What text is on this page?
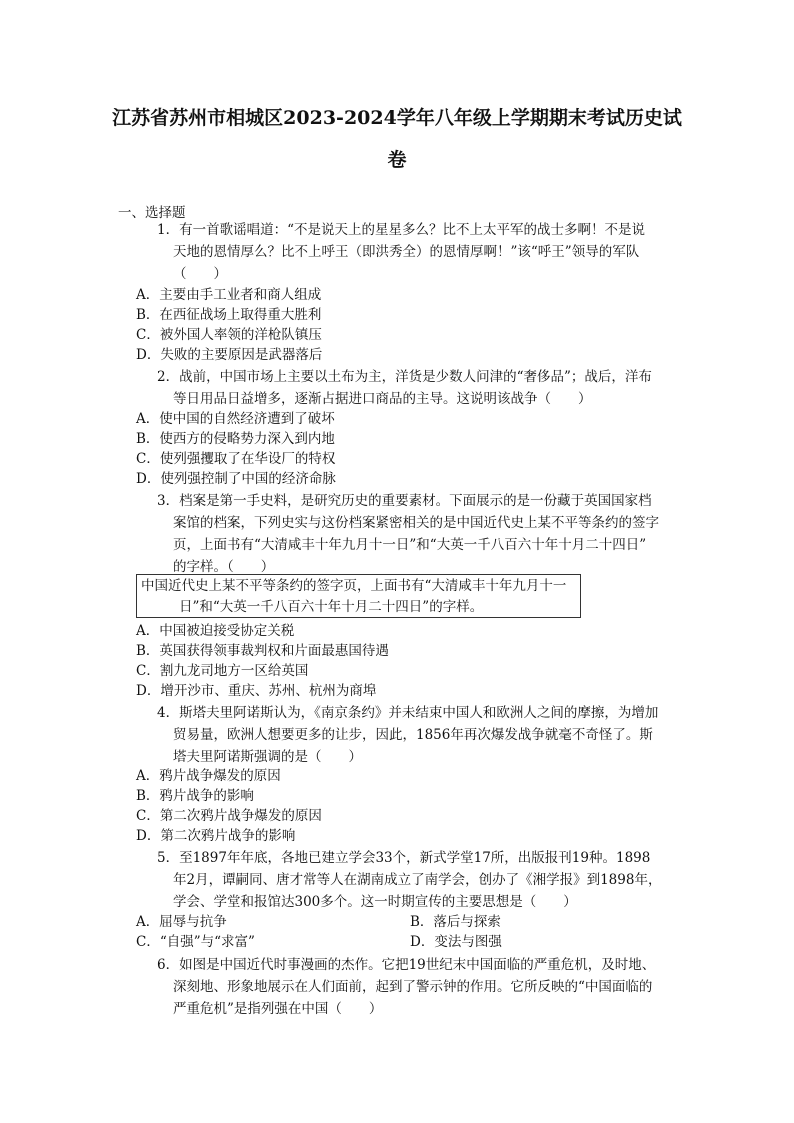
江苏省苏州市相城区2023-2024学年八年级上学期期末考试历史试
卷
一、选择题
1．有一首歌谣唱道：“不是说天上的星星多么？比不上太平军的战士多啊！不是说
天地的恩情厚么？比不上呼王（即洪秀全）的恩情厚啊！”该“呼王”领导的军队
（　　）
A．主要由手工业者和商人组成
B．在西征战场上取得重大胜利
C．被外国人率领的洋枪队镇压
D．失败的主要原因是武器落后
2．战前，中国市场上主要以土布为主，洋货是少数人问津的“奢侈品”；战后，洋布
等日用品日益增多，逐渐占据进口商品的主导。这说明该战争（　　）
A．使中国的自然经济遭到了破坏
B．使西方的侵略势力深入到内地
C．使列强攫取了在华设厂的特权
D．使列强控制了中国的经济命脉
3．档案是第一手史料，是研究历史的重要素材。下面展示的是一份藏于英国国家档
案馆的档案，下列史实与这份档案紧密相关的是中国近代史上某不平等条约的签字
页，上面书有“大清咸丰十年九月十一日”和“大英一千八百六十年十月二十四日”
的字样。（　　）
中国近代史上某不平等条约的签字页，上面书有“大清咸丰十年九月十一
日”和“大英一千八百六十年十月二十四日”的字样。
A．中国被迫接受协定关税
B．英国获得领事裁判权和片面最惠国待遇
C．割九龙司地方一区给英国
D．增开沙市、重庆、苏州、杭州为商埠
4．斯塔夫里阿诺斯认为，《南京条约》并未结束中国人和欧洲人之间的摩擦，为增加
贸易量，欧洲人想要更多的让步，因此，1856年再次爆发战争就毫不奇怪了。斯
塔夫里阿诺斯强调的是（　　）
A．鸦片战争爆发的原因
B．鸦片战争的影响
C．第二次鸦片战争爆发的原因
D．第二次鸦片战争的影响
5．至1897年年底，各地已建立学会33个，新式学堂17所，出版报刊19种。1898
年2月，谭嗣同、唐才常等人在湖南成立了南学会，创办了《湘学报》到1898年，
学会、学堂和报馆达300多个。这一时期宣传的主要思想是（　　）
A．屈辱与抗争	B．落后与探索
C．“自强”与“求富”	D．变法与图强
6．如图是中国近代时事漫画的杰作。它把19世纪末中国面临的严重危机，及时地、
深刻地、形象地展示在人们面前，起到了警示钟的作用。它所反映的“中国面临的
严重危机”是指列强在中国（　　）
